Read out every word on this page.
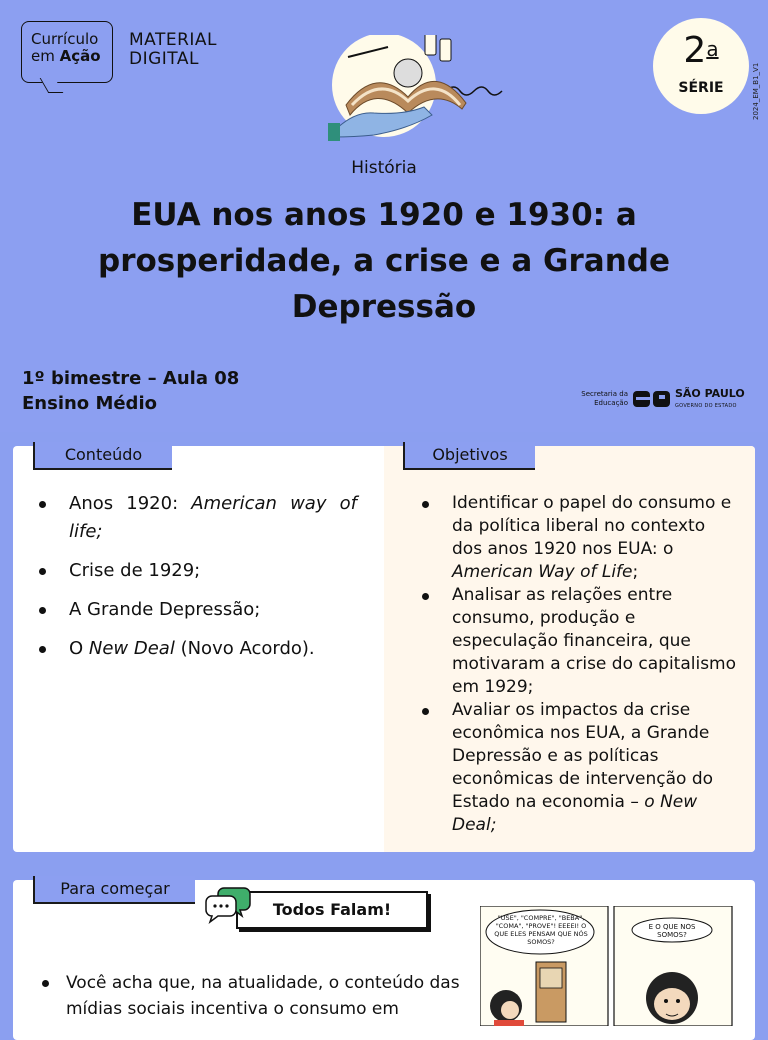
Currículo
em Ação
MATERIAL
DIGITAL	2$^a$
SÉRIE	2024_EM_B1_V1
História
EUA nos anos 1920 e 1930: a prosperidade, a crise e a Grande Depressão
1º bimestre – Aula 08
Ensino Médio	Secretaria da
Educação
SÃO PAULO
GOVERNO DO ESTADO
Conteúdo	Objetivos
Anos 1920: American way of life;
Crise de 1929;
A Grande Depressão;
O New Deal (Novo Acordo).
Identificar o papel do consumo e da política liberal no contexto dos anos 1920 nos EUA: o American Way of Life;
Analisar as relações entre consumo, produção e especulação financeira, que motivaram a crise do capitalismo em 1929;
Avaliar os impactos da crise econômica nos EUA, a Grande Depressão e as políticas econômicas de intervenção do Estado na economia – o New Deal;
Para começar
Todos Falam!

Você acha que, na atualidade, o conteúdo das mídias sociais incentiva o consumo em

"USE", "COMPRE", "BEBA", "COMA", "PROVE"! EEEEI! O QUE ELES PENSAM QUE NÓS SOMOS?
E O QUE NÓS SOMOS?
